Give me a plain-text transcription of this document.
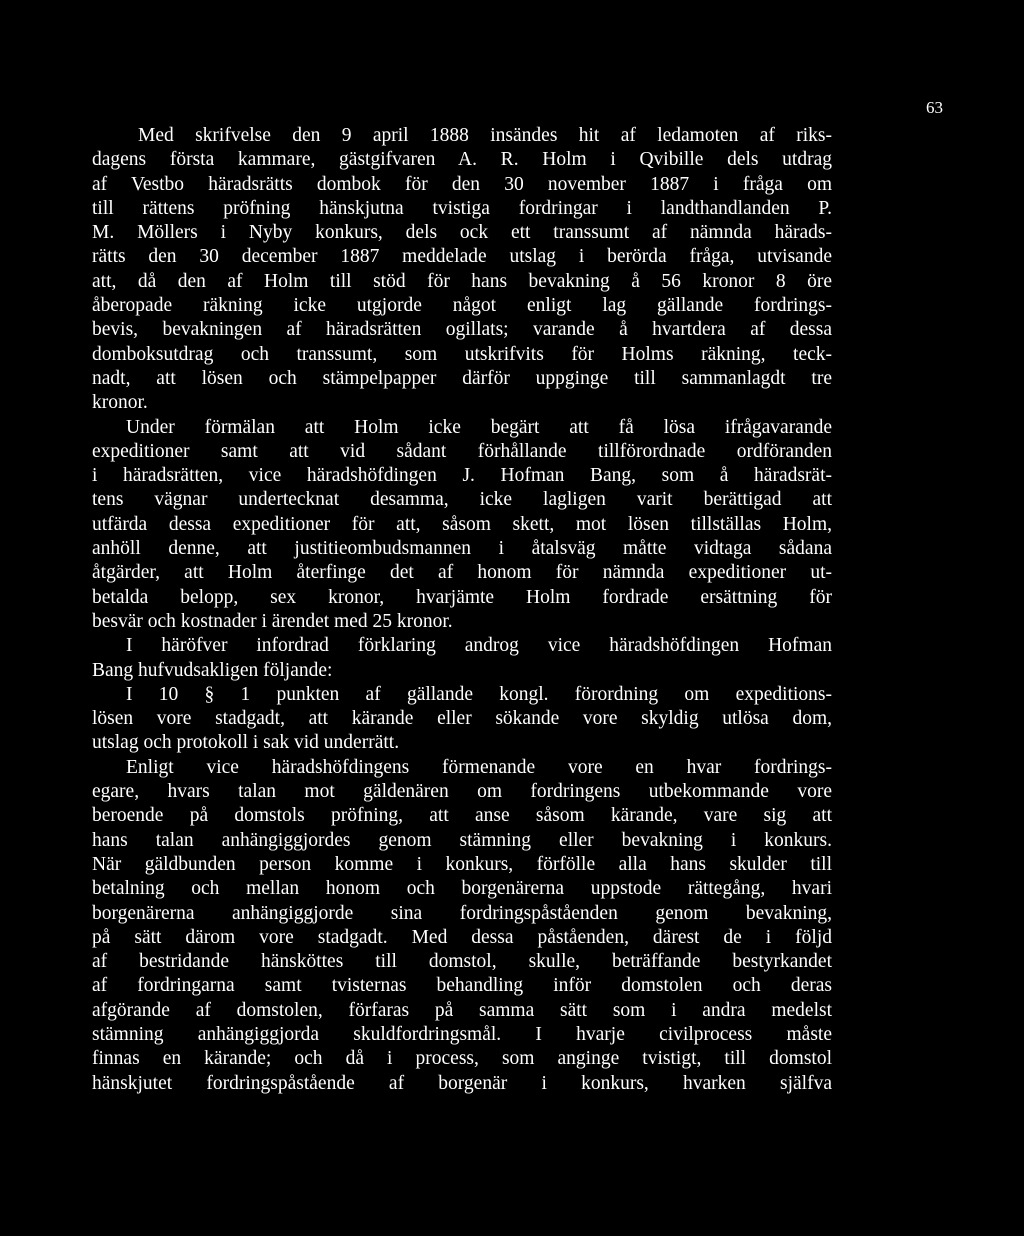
63
Med skrifvelse den 9 april 1888 insändes hit af ledamoten af riks-
dagens första kammare, gästgifvaren A. R. Holm i Qvibille dels utdrag
af Vestbo häradsrätts dombok för den 30 november 1887 i fråga om
till rättens pröfning hänskjutna tvistiga fordringar i landthandlanden P.
M. Möllers i Nyby konkurs, dels ock ett transsumt af nämnda härads-
rätts den 30 december 1887 meddelade utslag i berörda fråga, utvisande
att, då den af Holm till stöd för hans bevakning å 56 kronor 8 öre
åberopade räkning icke utgjorde något enligt lag gällande fordrings-
bevis, bevakningen af häradsrätten ogillats; varande å hvartdera af dessa
domboksutdrag och transsumt, som utskrifvits för Holms räkning, teck-
nadt, att lösen och stämpelpapper därför uppginge till sammanlagdt tre
kronor.
Under förmälan att Holm icke begärt att få lösa ifrågavarande
expeditioner samt att vid sådant förhållande tillförordnade ordföranden
i häradsrätten, vice häradshöfdingen J. Hofman Bang, som å häradsrät-
tens vägnar undertecknat desamma, icke lagligen varit berättigad att
utfärda dessa expeditioner för att, såsom skett, mot lösen tillställas Holm,
anhöll denne, att justitieombudsmannen i åtalsväg måtte vidtaga sådana
åtgärder, att Holm återfinge det af honom för nämnda expeditioner ut-
betalda belopp, sex kronor, hvarjämte Holm fordrade ersättning för
besvär och kostnader i ärendet med 25 kronor.
I häröfver infordrad förklaring androg vice häradshöfdingen Hofman
Bang hufvudsakligen följande:
I 10 § 1 punkten af gällande kongl. förordning om expeditions-
lösen vore stadgadt, att kärande eller sökande vore skyldig utlösa dom,
utslag och protokoll i sak vid underrätt.
Enligt vice häradshöfdingens förmenande vore en hvar fordrings-
egare, hvars talan mot gäldenären om fordringens utbekommande vore
beroende på domstols pröfning, att anse såsom kärande, vare sig att
hans talan anhängiggjordes genom stämning eller bevakning i konkurs.
När gäldbunden person komme i konkurs, förfölle alla hans skulder till
betalning och mellan honom och borgenärerna uppstode rättegång, hvari
borgenärerna anhängiggjorde sina fordringspåståenden genom bevakning,
på sätt därom vore stadgadt. Med dessa påståenden, därest de i följd
af bestridande hänsköttes till domstol, skulle, beträffande bestyrkandet
af fordringarna samt tvisternas behandling inför domstolen och deras
afgörande af domstolen, förfaras på samma sätt som i andra medelst
stämning anhängiggjorda skuldfordringsmål. I hvarje civilprocess måste
finnas en kärande; och då i process, som anginge tvistigt, till domstol
hänskjutet fordringspåstående af borgenär i konkurs, hvarken själfva
